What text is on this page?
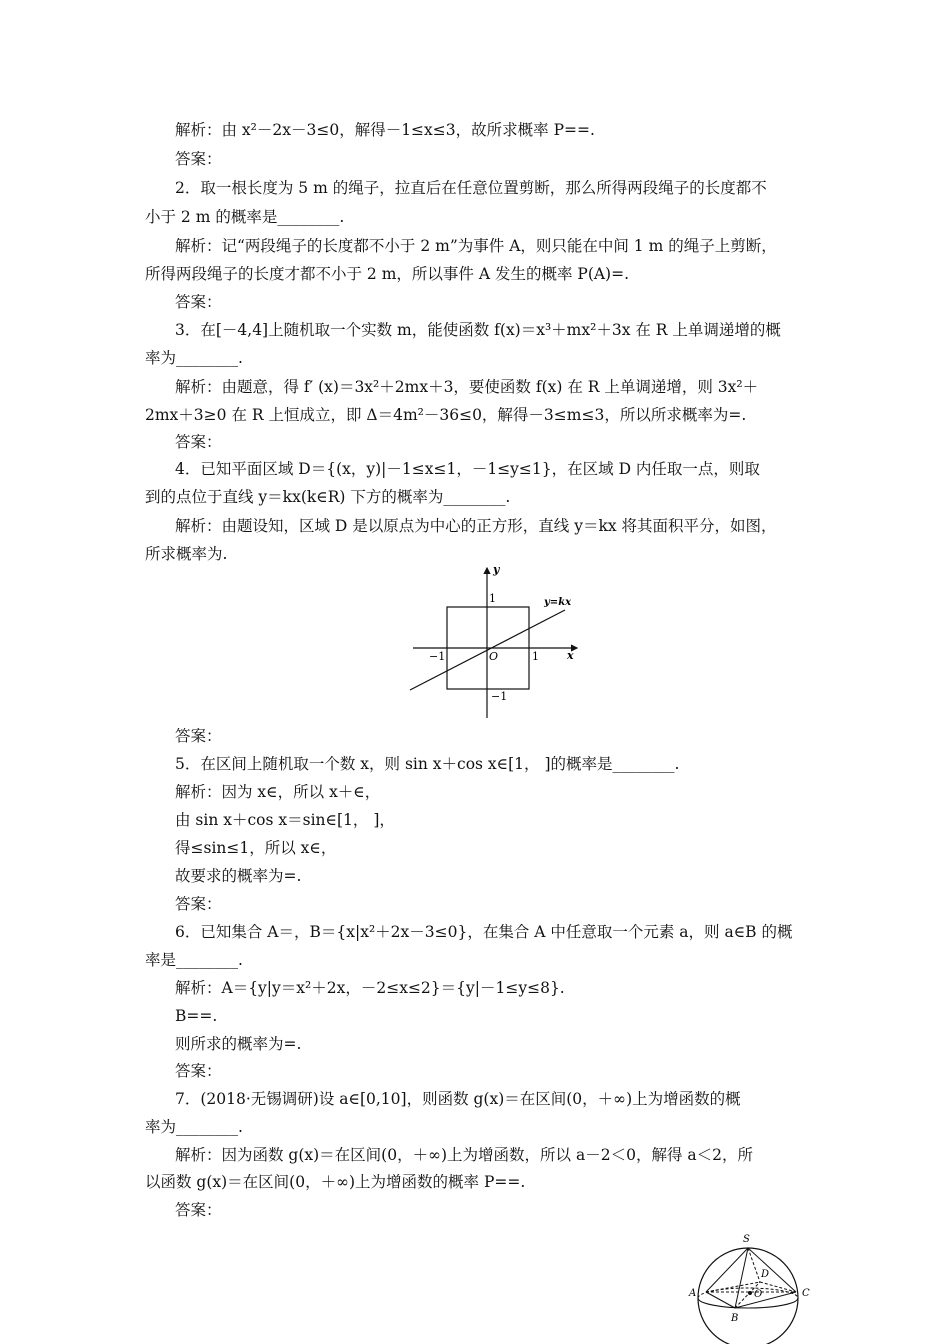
解析：由 x²－2x－3≤0，解得－1≤x≤3，故所求概率 P==.
答案：
2．取一根长度为 5 m 的绳子，拉直后在任意位置剪断，那么所得两段绳子的长度都不
小于 2 m 的概率是________.
解析：记“两段绳子的长度都不小于 2 m”为事件 A，则只能在中间 1 m 的绳子上剪断，
所得两段绳子的长度才都不小于 2 m，所以事件 A 发生的概率 P(A)=.
答案：
3．在[－4,4]上随机取一个实数 m，能使函数 f(x)＝x³＋mx²＋3x 在 R 上单调递增的概
率为________.
解析：由题意，得 f′ (x)＝3x²＋2mx＋3，要使函数 f(x) 在 R 上单调递增，则 3x²＋
2mx＋3≥0 在 R 上恒成立，即 Δ＝4m²－36≤0，解得－3≤m≤3，所以所求概率为=.
答案：
4．已知平面区域 D＝{(x，y)|－1≤x≤1，－1≤y≤1}，在区域 D 内任取一点，则取
到的点位于直线 y＝kx(k∈R) 下方的概率为________.
解析：由题设知，区域 D 是以原点为中心的正方形，直线 y＝kx 将其面积平分，如图，
所求概率为.
y
x
y=kx
O
1
1
−1
−1
答案：
5．在区间上随机取一个数 x，则 sin x＋cos x∈[1， ]的概率是________.
解析：因为 x∈，所以 x＋∈，
由 sin x＋cos x＝sin∈[1， ]，
得≤sin≤1，所以 x∈，
故要求的概率为=.
答案：
6．已知集合 A＝，B＝{x|x²＋2x－3≤0}，在集合 A 中任意取一个元素 a，则 a∈B 的概
率是________.
解析：A＝{y|y＝x²＋2x，－2≤x≤2}＝{y|－1≤y≤8}.
B==.
则所求的概率为=.
答案：
7．(2018·无锡调研)设 a∈[0,10]，则函数 g(x)＝在区间(0，＋∞)上为增函数的概
率为________.
解析：因为函数 g(x)＝在区间(0，＋∞)上为增函数，所以 a－2＜0，解得 a＜2，所
以函数 g(x)＝在区间(0，＋∞)上为增函数的概率 P==.
答案：
S
D
O
A
B
C
